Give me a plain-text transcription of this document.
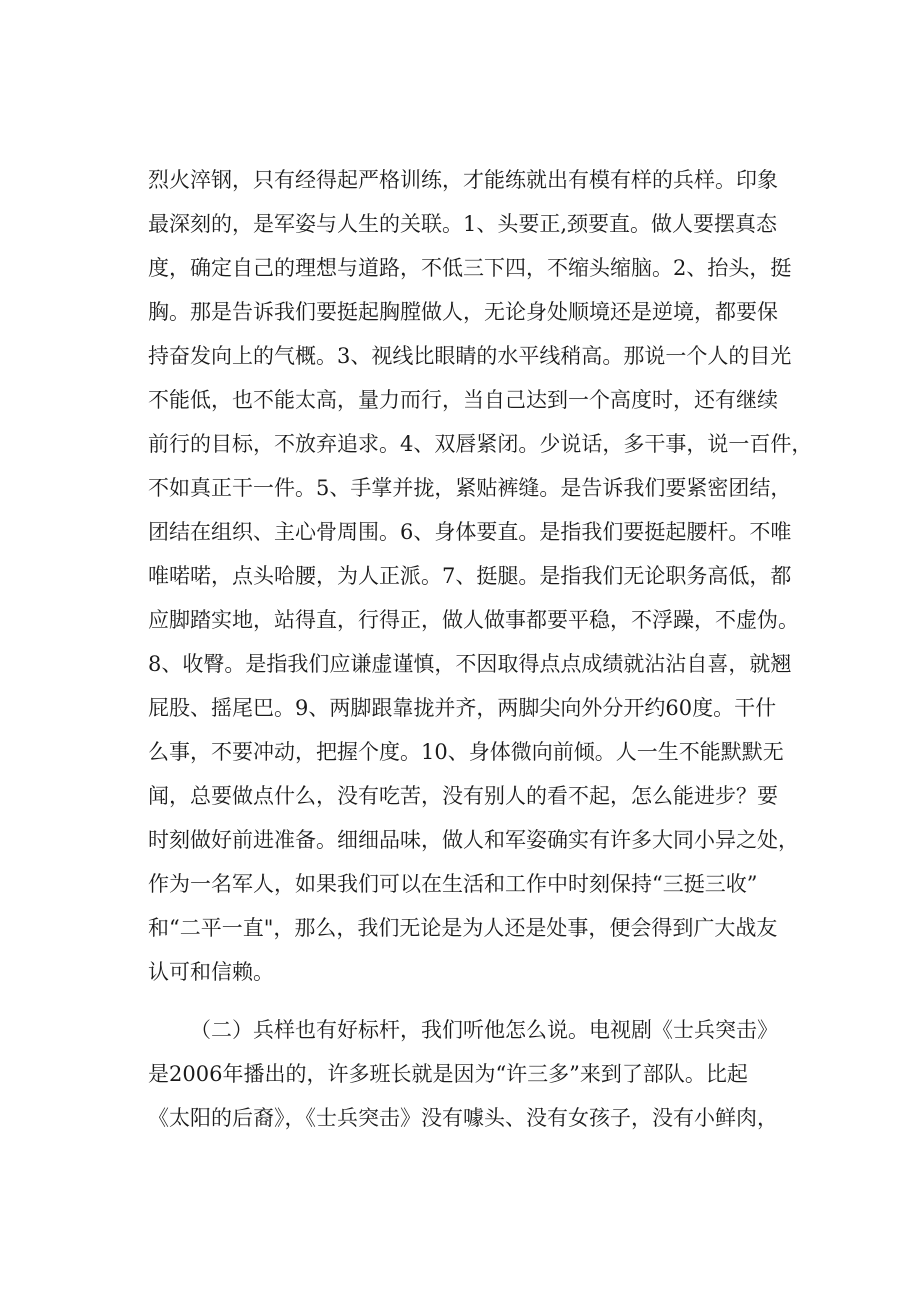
烈火淬钢，只有经得起严格训练，才能练就出有模有样的兵样。印象
最深刻的，是军姿与人生的关联。1、头要正,颈要直。做人要摆真态
度，确定自己的理想与道路，不低三下四，不缩头缩脑。2、抬头，挺
胸。那是告诉我们要挺起胸膛做人，无论身处顺境还是逆境，都要保
持奋发向上的气概。3、视线比眼睛的水平线稍高。那说一个人的目光
不能低，也不能太高，量力而行，当自己达到一个高度时，还有继续
前行的目标，不放弃追求。4、双唇紧闭。少说话，多干事，说一百件，
不如真正干一件。5、手掌并拢，紧贴裤缝。是告诉我们要紧密团结，
团结在组织、主心骨周围。6、身体要直。是指我们要挺起腰杆。不唯
唯喏喏，点头哈腰，为人正派。7、挺腿。是指我们无论职务高低，都
应脚踏实地，站得直，行得正，做人做事都要平稳，不浮躁，不虚伪。
8、收臀。是指我们应谦虚谨慎，不因取得点点成绩就沾沾自喜，就翘
屁股、摇尾巴。9、两脚跟靠拢并齐，两脚尖向外分开约60度。干什
么事，不要冲动，把握个度。10、身体微向前倾。人一生不能默默无
闻，总要做点什么，没有吃苦，没有别人的看不起，怎么能进步？要
时刻做好前进准备。细细品味，做人和军姿确实有许多大同小异之处，
作为一名军人，如果我们可以在生活和工作中时刻保持“三挺三收”
和“二平一直"，那么，我们无论是为人还是处事，便会得到广大战友
认可和信赖。
（二）兵样也有好标杆，我们听他怎么说。电视剧《士兵突击》
是2006年播出的，许多班长就是因为“许三多”来到了部队。比起
《太阳的后裔》，《士兵突击》没有噱头、没有女孩子，没有小鲜肉，
